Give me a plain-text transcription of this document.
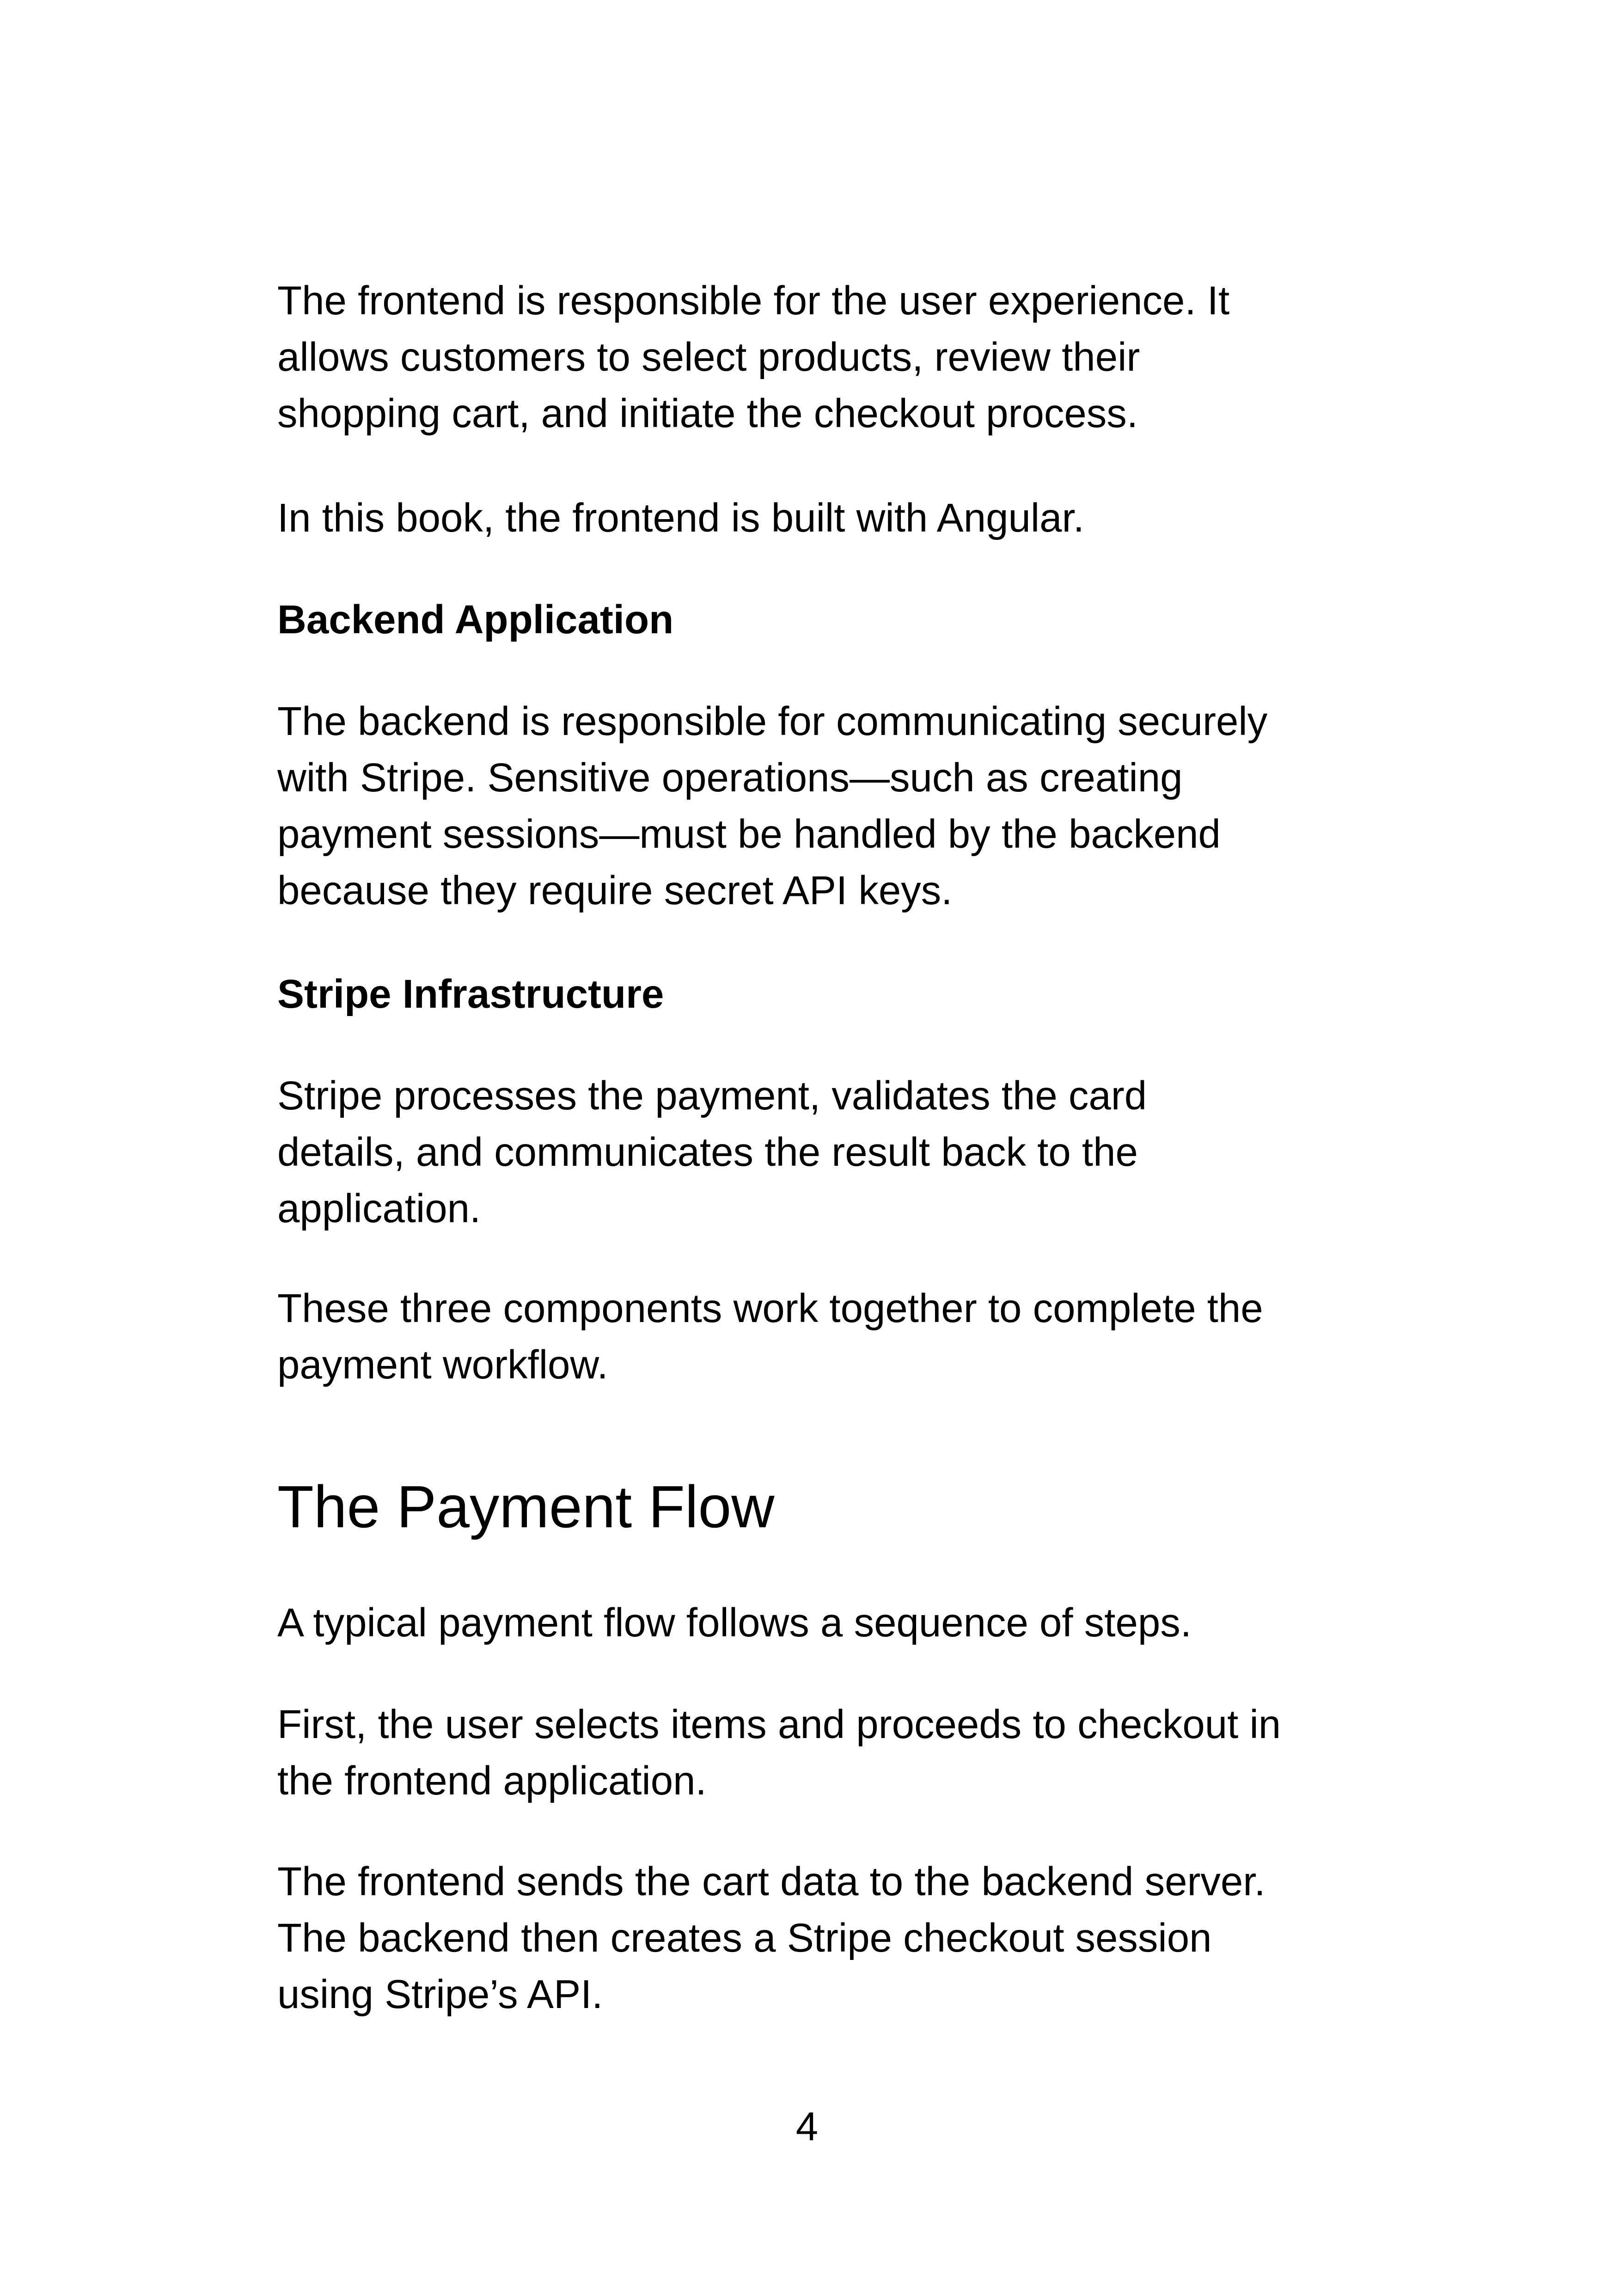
The frontend is responsible for the user experience. It
allows customers to select products, review their
shopping cart, and initiate the checkout process.

In this book, the frontend is built with Angular.

Backend Application

The backend is responsible for communicating securely
with Stripe. Sensitive operations—such as creating
payment sessions—must be handled by the backend
because they require secret API keys.

Stripe Infrastructure

Stripe processes the payment, validates the card
details, and communicates the result back to the
application.

These three components work together to complete the
payment workflow.

The Payment Flow

A typical payment flow follows a sequence of steps.

First, the user selects items and proceeds to checkout in
the frontend application.

The frontend sends the cart data to the backend server.
The backend then creates a Stripe checkout session
using Stripe’s API.

4
